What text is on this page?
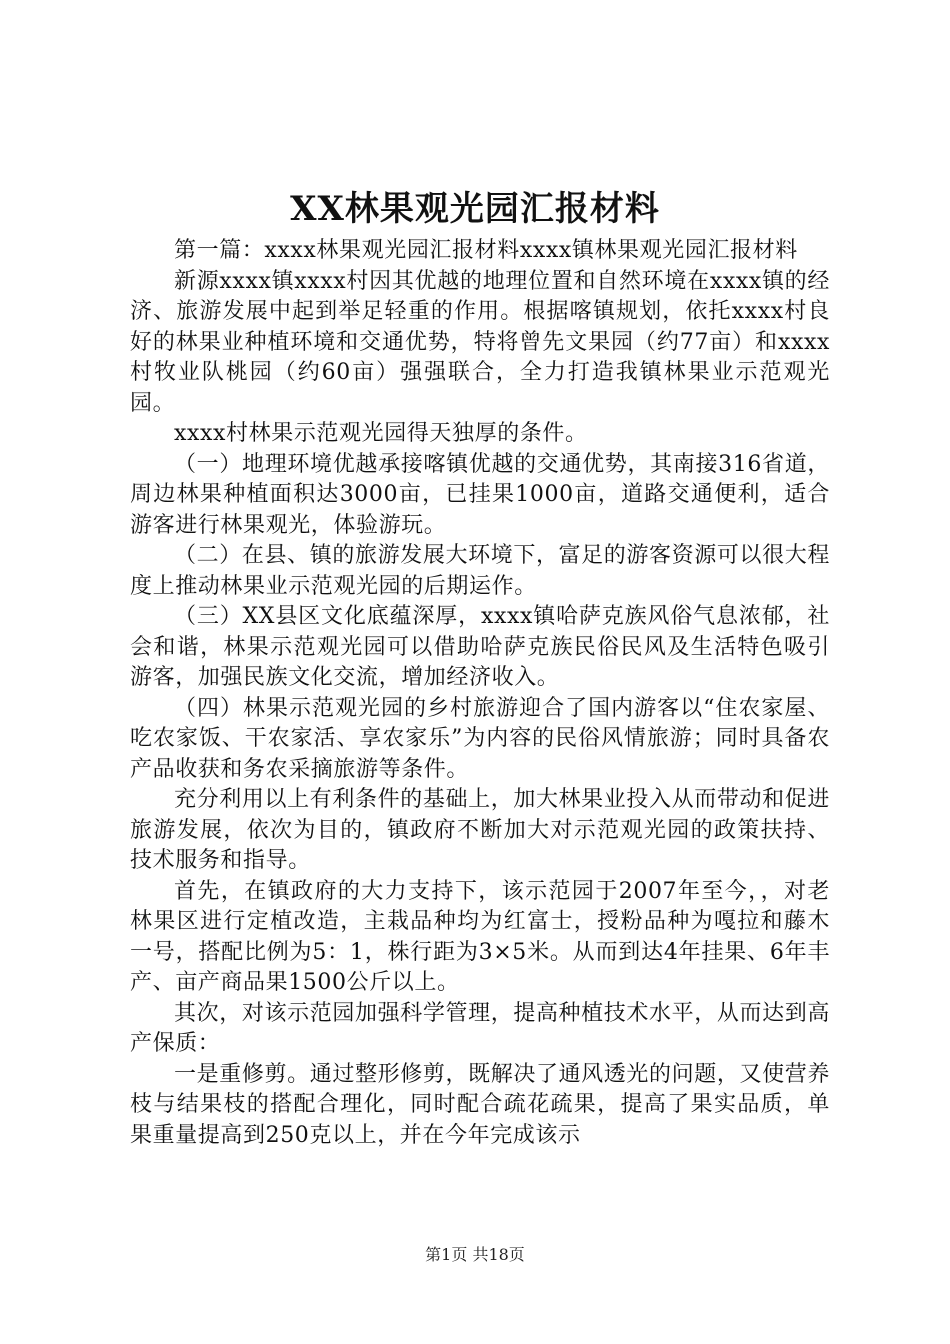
XX林果观光园汇报材料

第一篇：xxxx林果观光园汇报材料xxxx镇林果观光园汇报材料

新源xxxx镇xxxx村因其优越的地理位置和自然环境在xxxx镇的经济、旅游发展中起到举足轻重的作用。根据喀镇规划，依托xxxx村良好的林果业种植环境和交通优势，特将曾先文果园（约77亩）和xxxx村牧业队桃园（约60亩）强强联合，全力打造我镇林果业示范观光园。

xxxx村林果示范观光园得天独厚的条件。

（一）地理环境优越承接喀镇优越的交通优势，其南接316省道，周边林果种植面积达3000亩，已挂果1000亩，道路交通便利，适合游客进行林果观光，体验游玩。

（二）在县、镇的旅游发展大环境下，富足的游客资源可以很大程度上推动林果业示范观光园的后期运作。

（三）XX县区文化底蕴深厚，xxxx镇哈萨克族风俗气息浓郁，社会和谐，林果示范观光园可以借助哈萨克族民俗民风及生活特色吸引游客，加强民族文化交流，增加经济收入。

（四）林果示范观光园的乡村旅游迎合了国内游客以“住农家屋、吃农家饭、干农家活、享农家乐”为内容的民俗风情旅游；同时具备农产品收获和务农采摘旅游等条件。

充分利用以上有利条件的基础上，加大林果业投入从而带动和促进旅游发展，依次为目的，镇政府不断加大对示范观光园的政策扶持、技术服务和指导。

首先，在镇政府的大力支持下，该示范园于2007年至今，，对老林果区进行定植改造，主栽品种均为红富士，授粉品种为嘎拉和藤木一号，搭配比例为5：1，株行距为3×5米。从而到达4年挂果、6年丰产、亩产商品果1500公斤以上。

其次，对该示范园加强科学管理，提高种植技术水平，从而达到高产保质：

一是重修剪。通过整形修剪，既解决了通风透光的问题，又使营养枝与结果枝的搭配合理化，同时配合疏花疏果，提高了果实品质，单果重量提高到250克以上，并在今年完成该示

第1页 共18页
